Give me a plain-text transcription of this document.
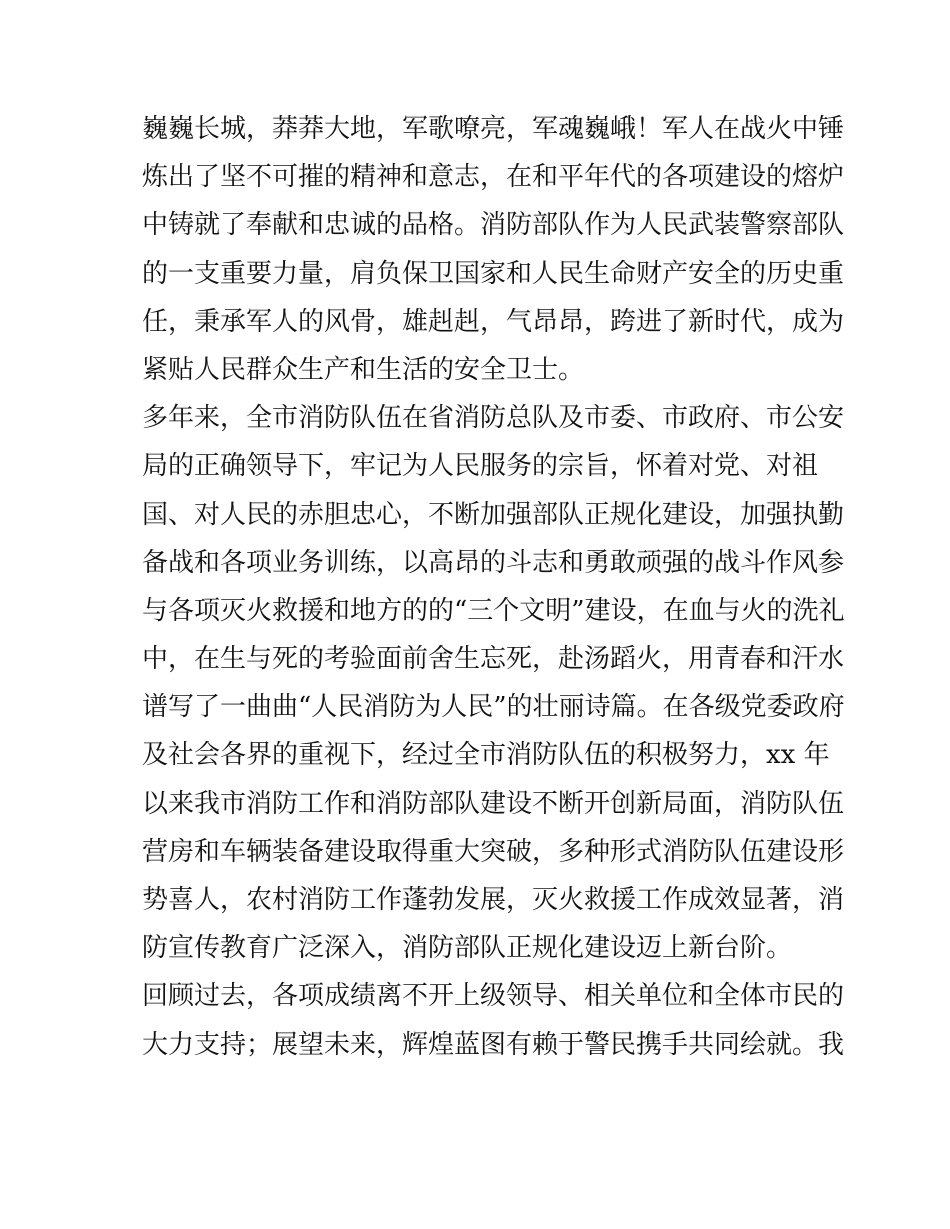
巍巍长城，莽莽大地，军歌嘹亮，军魂巍峨！军人在战火中锤
炼出了坚不可摧的精神和意志，在和平年代的各项建设的熔炉
中铸就了奉献和忠诚的品格。消防部队作为人民武装警察部队
的一支重要力量，肩负保卫国家和人民生命财产安全的历史重
任，秉承军人的风骨，雄赳赳，气昂昂，跨进了新时代，成为
紧贴人民群众生产和生活的安全卫士。
多年来，全市消防队伍在省消防总队及市委、市政府、市公安
局的正确领导下，牢记为人民服务的宗旨，怀着对党、对祖
国、对人民的赤胆忠心，不断加强部队正规化建设，加强执勤
备战和各项业务训练，以高昂的斗志和勇敢顽强的战斗作风参
与各项灭火救援和地方的的“三个文明”建设，在血与火的洗礼
中，在生与死的考验面前舍生忘死，赴汤蹈火，用青春和汗水
谱写了一曲曲“人民消防为人民”的壮丽诗篇。在各级党委政府
及社会各界的重视下，经过全市消防队伍的积极努力，xx 年
以来我市消防工作和消防部队建设不断开创新局面，消防队伍
营房和车辆装备建设取得重大突破，多种形式消防队伍建设形
势喜人，农村消防工作蓬勃发展，灭火救援工作成效显著，消
防宣传教育广泛深入，消防部队正规化建设迈上新台阶。
回顾过去，各项成绩离不开上级领导、相关单位和全体市民的
大力支持；展望未来，辉煌蓝图有赖于警民携手共同绘就。我
